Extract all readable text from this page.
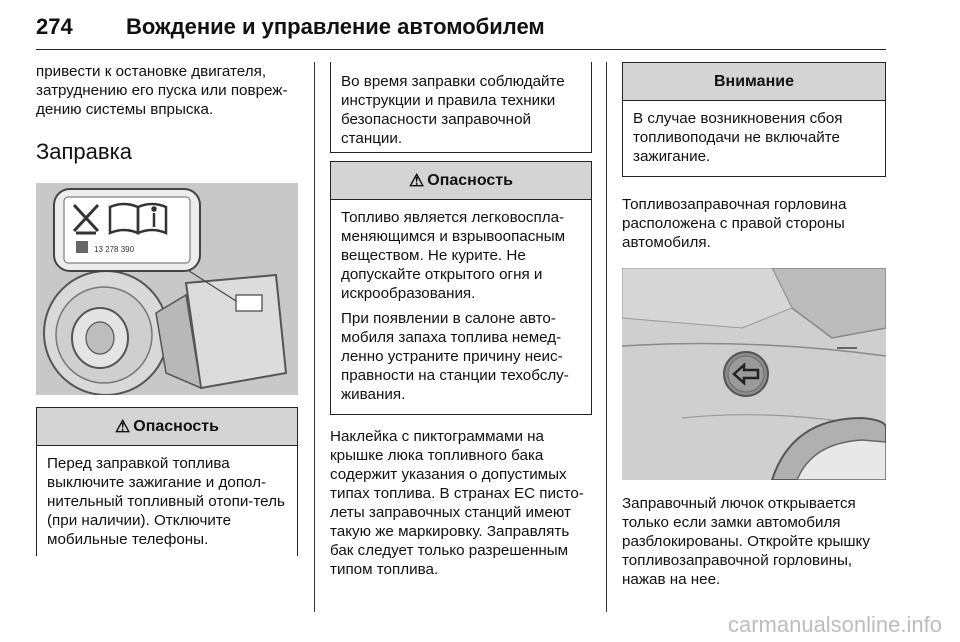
274 Вождение и управление автомобилем

привести к остановке двигателя, затруднению его пуска или повреж-дению системы впрыска.

Заправка
13 278 390
⚠ Опасность

Перед заправкой топлива выключите зажигание и допол-нительный топливный отопи-тель (при наличии). Отключите мобильные телефоны.

Во время заправки соблюдайте инструкции и правила техники безопасности заправочной станции.

⚠ Опасность

Топливо является легковоспла-меняющимся и взрывоопасным веществом. Не курите. Не допускайте открытого огня и искрообразования.

При появлении в салоне авто-мобиля запаха топлива немед-ленно устраните причину неис-правности на станции техобслу-живания.

Наклейка с пиктограммами на крышке люка топливного бака содержит указания о допустимых типах топлива. В странах ЕС писто-леты заправочных станций имеют такую же маркировку. Заправлять бак следует только разрешенным типом топлива.

Внимание

В случае возникновения сбоя топливоподачи не включайте зажигание.

Топливозаправочная горловина расположена с правой стороны автомобиля.

Заправочный лючок открывается только если замки автомобиля разблокированы. Откройте крышку топливозаправочной горловины, нажав на нее.

carmanualsonline.info
